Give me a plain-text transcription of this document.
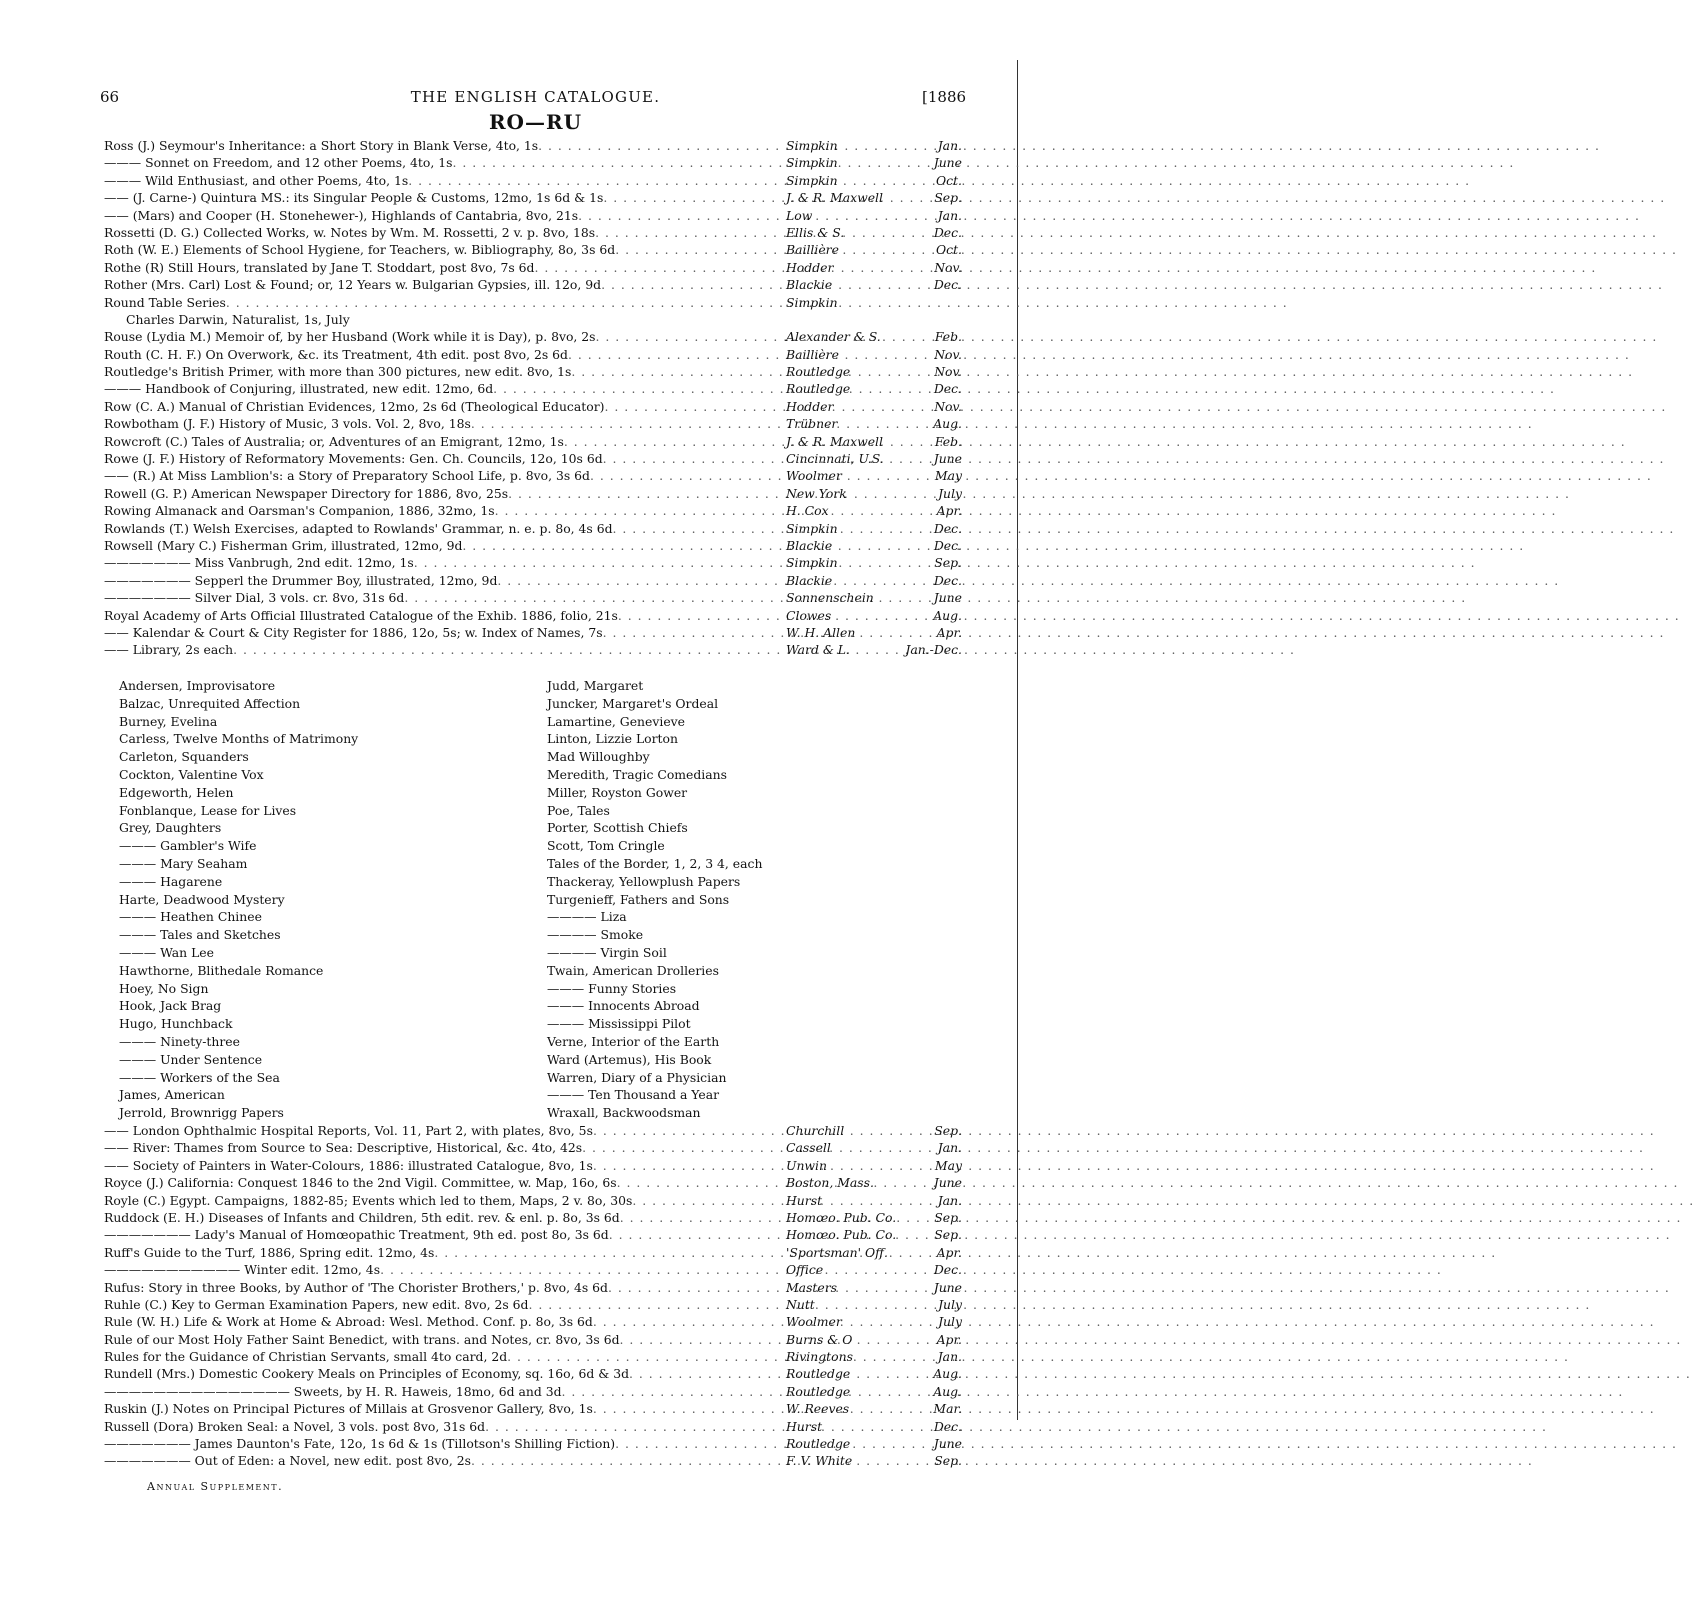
66	THE ENGLISH CATALOGUE.	[1886
RO—RU
Ross (J.) Seymour's Inheritance: a Short Story in Blank Verse, 4to, 1s . . .	Simpkin	Jan.
——— Sonnet on Freedom, and 12 other Poems, 4to, 1s . . .	Simpkin	June
——— Wild Enthusiast, and other Poems, 4to, 1s . . .	Simpkin	Oct.
—— (J. Carne-) Quintura MS.: its Singular People & Customs, 12mo, 1s 6d & 1s . . .	J. & R. Maxwell	Sep.
—— (Mars) and Cooper (H. Stonehewer-), Highlands of Cantabria, 8vo, 21s . . .	Low	Jan.
Rossetti (D. G.) Collected Works, w. Notes by Wm. M. Rossetti, 2 v. p. 8vo, 18s . . .	Ellis & S.	Dec.
Roth (W. E.) Elements of School Hygiene, for Teachers, w. Bibliography, 8o, 3s 6d . . .	Baillière	Oct.
Rothe (R) Still Hours, translated by Jane T. Stoddart, post 8vo, 7s 6d . . .	Hodder	Nov.
Rother (Mrs. Carl) Lost & Found; or, 12 Years w. Bulgarian Gypsies, ill. 12o, 9d . . .	Blackie	Dec.
Round Table Series . . .	Simpkin
Charles Darwin, Naturalist, 1s, July
Rouse (Lydia M.) Memoir of, by her Husband (Work while it is Day), p. 8vo, 2s . . .	Alexander & S.	Feb.
Routh (C. H. F.) On Overwork, &c. its Treatment, 4th edit. post 8vo, 2s 6d . . .	Baillière	Nov.
Routledge's British Primer, with more than 300 pictures, new edit. 8vo, 1s . . .	Routledge	Nov.
——— Handbook of Conjuring, illustrated, new edit. 12mo, 6d . . .	Routledge	Dec.
Row (C. A.) Manual of Christian Evidences, 12mo, 2s 6d (Theological Educator) . . .	Hodder	Nov.
Rowbotham (J. F.) History of Music, 3 vols. Vol. 2, 8vo, 18s . . .	Trübner	Aug.
Rowcroft (C.) Tales of Australia; or, Adventures of an Emigrant, 12mo, 1s . . .	J. & R. Maxwell	Feb.
Rowe (J. F.) History of Reformatory Movements: Gen. Ch. Councils, 12o, 10s 6d . . .	Cincinnati, U.S.	June
—— (R.) At Miss Lamblion's: a Story of Preparatory School Life, p. 8vo, 3s 6d . . .	Woolmer	May
Rowell (G. P.) American Newspaper Directory for 1886, 8vo, 25s . . .	New York	July
Rowing Almanack and Oarsman's Companion, 1886, 32mo, 1s . . .	H. Cox	Apr.
Rowlands (T.) Welsh Exercises, adapted to Rowlands' Grammar, n. e. p. 8o, 4s 6d . . .	Simpkin	Dec.
Rowsell (Mary C.) Fisherman Grim, illustrated, 12mo, 9d . . .	Blackie	Dec.
——————— Miss Vanbrugh, 2nd edit. 12mo, 1s . . .	Simpkin	Sep.
——————— Sepperl the Drummer Boy, illustrated, 12mo, 9d . . .	Blackie	Dec.
——————— Silver Dial, 3 vols. cr. 8vo, 31s 6d . . .	Sonnenschein	June
Royal Academy of Arts Official Illustrated Catalogue of the Exhib. 1886, folio, 21s . . .	Clowes	Aug.
—— Kalendar & Court & City Register for 1886, 12o, 5s; w. Index of Names, 7s . . .	W. H. Allen	Apr.
—— Library, 2s each . . .	Ward & L.	Jan.-Dec.
Andersen, Improvisatore
Balzac, Unrequited Affection
Burney, Evelina
Carless, Twelve Months of Matrimony
Carleton, Squanders
Cockton, Valentine Vox
Edgeworth, Helen
Fonblanque, Lease for Lives
Grey, Daughters
——— Gambler's Wife
——— Mary Seaham
——— Hagarene
Harte, Deadwood Mystery
——— Heathen Chinee
——— Tales and Sketches
——— Wan Lee
Hawthorne, Blithedale Romance
Hoey, No Sign
Hook, Jack Brag
Hugo, Hunchback
——— Ninety-three
——— Under Sentence
——— Workers of the Sea
James, American
Jerrold, Brownrigg Papers
Judd, Margaret
Juncker, Margaret's Ordeal
Lamartine, Genevieve
Linton, Lizzie Lorton
Mad Willoughby
Meredith, Tragic Comedians
Miller, Royston Gower
Poe, Tales
Porter, Scottish Chiefs
Scott, Tom Cringle
Tales of the Border, 1, 2, 3 4, each
Thackeray, Yellowplush Papers
Turgenieff, Fathers and Sons
———— Liza
———— Smoke
———— Virgin Soil
Twain, American Drolleries
——— Funny Stories
——— Innocents Abroad
——— Mississippi Pilot
Verne, Interior of the Earth
Ward (Artemus), His Book
Warren, Diary of a Physician
——— Ten Thousand a Year
Wraxall, Backwoodsman
—— London Ophthalmic Hospital Reports, Vol. 11, Part 2, with plates, 8vo, 5s . . .	Churchill	Sep.
—— River: Thames from Source to Sea: Descriptive, Historical, &c. 4to, 42s . . .	Cassell	Jan.
—— Society of Painters in Water-Colours, 1886: illustrated Catalogue, 8vo, 1s . . .	Unwin	May
Royce (J.) California: Conquest 1846 to the 2nd Vigil. Committee, w. Map, 16o, 6s . . .	Boston, Mass.	June
Royle (C.) Egypt. Campaigns, 1882-85; Events which led to them, Maps, 2 v. 8o, 30s . . .	Hurst	Jan.
Ruddock (E. H.) Diseases of Infants and Children, 5th edit. rev. & enl. p. 8o, 3s 6d . . .	Homœo. Pub. Co.	Sep.
——————— Lady's Manual of Homœopathic Treatment, 9th ed. post 8o, 3s 6d . . .	Homœo. Pub. Co.	Sep.
Ruff's Guide to the Turf, 1886, Spring edit. 12mo, 4s . . .	'Sportsman' Off.	Apr.
——————————— Winter edit. 12mo, 4s . . .	Office	Dec.
Rufus: Story in three Books, by Author of 'The Chorister Brothers,' p. 8vo, 4s 6d . . .	Masters	June
Ruhle (C.) Key to German Examination Papers, new edit. 8vo, 2s 6d . . .	Nutt	July
Rule (W. H.) Life & Work at Home & Abroad: Wesl. Method. Conf. p. 8o, 3s 6d . . .	Woolmer	July
Rule of our Most Holy Father Saint Benedict, with trans. and Notes, cr. 8vo, 3s 6d . . .	Burns & O	Apr.
Rules for the Guidance of Christian Servants, small 4to card, 2d . . .	Rivingtons	Jan.
Rundell (Mrs.) Domestic Cookery Meals on Principles of Economy, sq. 16o, 6d & 3d . . .	Routledge	Aug.
——————————————— Sweets, by H. R. Haweis, 18mo, 6d and 3d . . .	Routledge	Aug.
Ruskin (J.) Notes on Principal Pictures of Millais at Grosvenor Gallery, 8vo, 1s . . .	W. Reeves	Mar.
Russell (Dora) Broken Seal: a Novel, 3 vols. post 8vo, 31s 6d . . .	Hurst	Dec.
——————— James Daunton's Fate, 12o, 1s 6d & 1s (Tillotson's Shilling Fiction) . . .	Routledge	June
——————— Out of Eden: a Novel, new edit. post 8vo, 2s . . .	F. V. White	Sep.
Annual Supplement.
